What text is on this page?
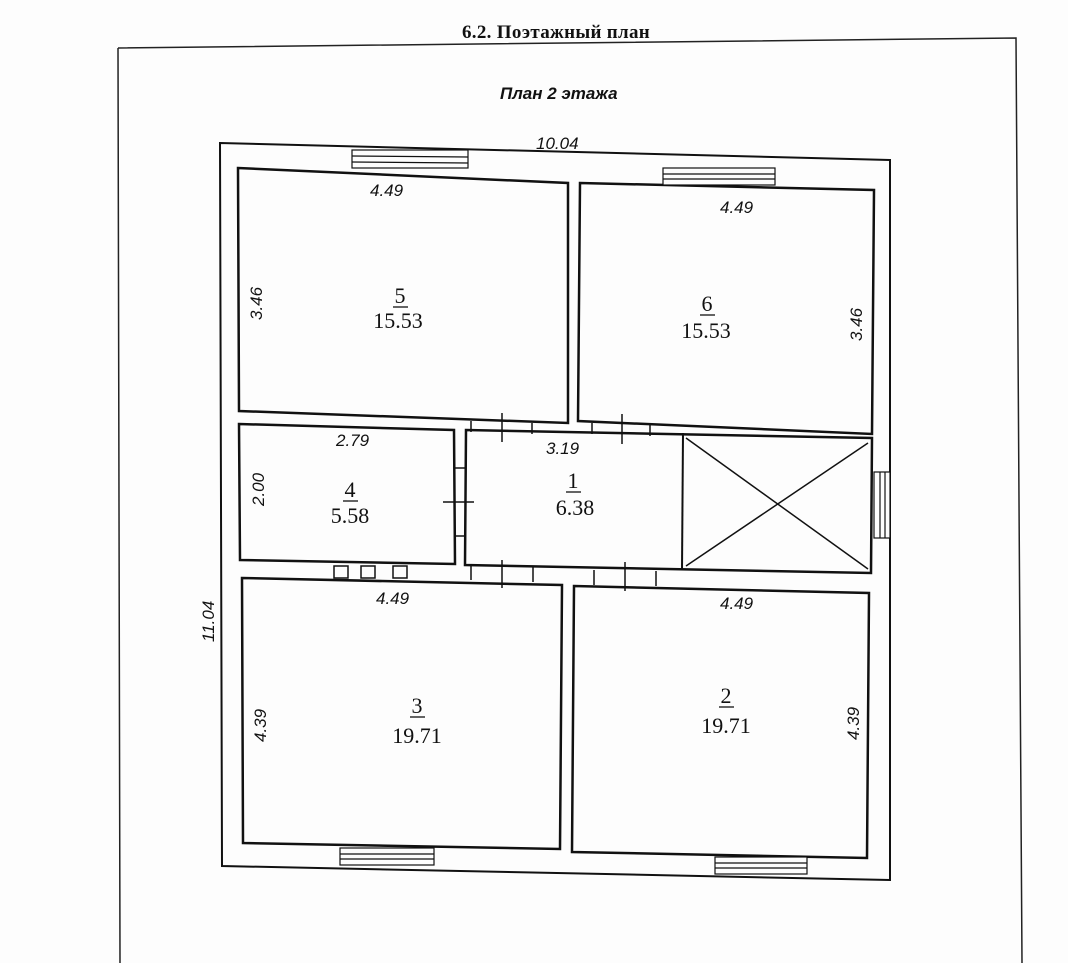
6.2. Поэтажный план
План 2 этажа
10.04
11.04
4.49
3.46	5
15.53
4.49
3.46
6
15.53
2.79
2.00	4
5.58
3.19
1
6.38
4.49
4.39
3
19.71
4.49
4.39
2
19.71
